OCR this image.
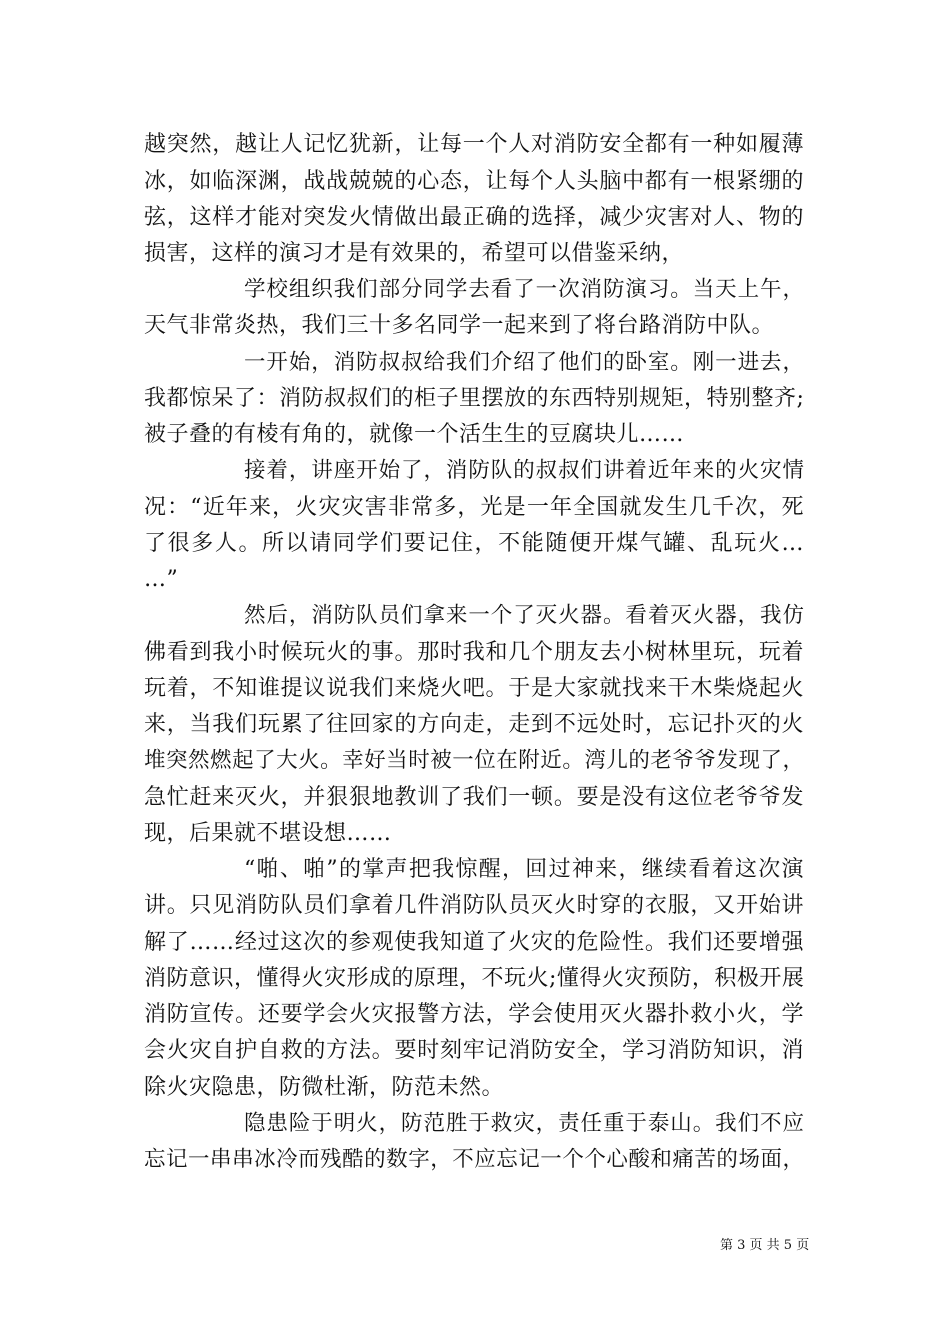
越突然，越让人记忆犹新，让每一个人对消防安全都有一种如履薄
冰，如临深渊，战战兢兢的心态，让每个人头脑中都有一根紧绷的
弦，这样才能对突发火情做出最正确的选择，减少灾害对人、物的
损害，这样的演习才是有效果的，希望可以借鉴采纳，
学校组织我们部分同学去看了一次消防演习。当天上午，
天气非常炎热，我们三十多名同学一起来到了将台路消防中队。
一开始，消防叔叔给我们介绍了他们的卧室。刚一进去，
我都惊呆了：消防叔叔们的柜子里摆放的东西特别规矩，特别整齐;
被子叠的有棱有角的，就像一个活生生的豆腐块儿……
接着，讲座开始了，消防队的叔叔们讲着近年来的火灾情
况：“近年来，火灾灾害非常多，光是一年全国就发生几千次，死
了很多人。所以请同学们要记住，不能随便开煤气罐、乱玩火…
…”
然后，消防队员们拿来一个了灭火器。看着灭火器，我仿
佛看到我小时候玩火的事。那时我和几个朋友去小树林里玩，玩着
玩着，不知谁提议说我们来烧火吧。于是大家就找来干木柴烧起火
来，当我们玩累了往回家的方向走，走到不远处时，忘记扑灭的火
堆突然燃起了大火。幸好当时被一位在附近。湾儿的老爷爷发现了，
急忙赶来灭火，并狠狠地教训了我们一顿。要是没有这位老爷爷发
现，后果就不堪设想……
“啪、啪”的掌声把我惊醒，回过神来，继续看着这次演
讲。只见消防队员们拿着几件消防队员灭火时穿的衣服，又开始讲
解了……经过这次的参观使我知道了火灾的危险性。我们还要增强
消防意识，懂得火灾形成的原理，不玩火;懂得火灾预防，积极开展
消防宣传。还要学会火灾报警方法，学会使用灭火器扑救小火，学
会火灾自护自救的方法。要时刻牢记消防安全，学习消防知识，消
除火灾隐患，防微杜渐，防范未然。
隐患险于明火，防范胜于救灾，责任重于泰山。我们不应
忘记一串串冰冷而残酷的数字，不应忘记一个个心酸和痛苦的场面，
第 3 页 共 5 页
